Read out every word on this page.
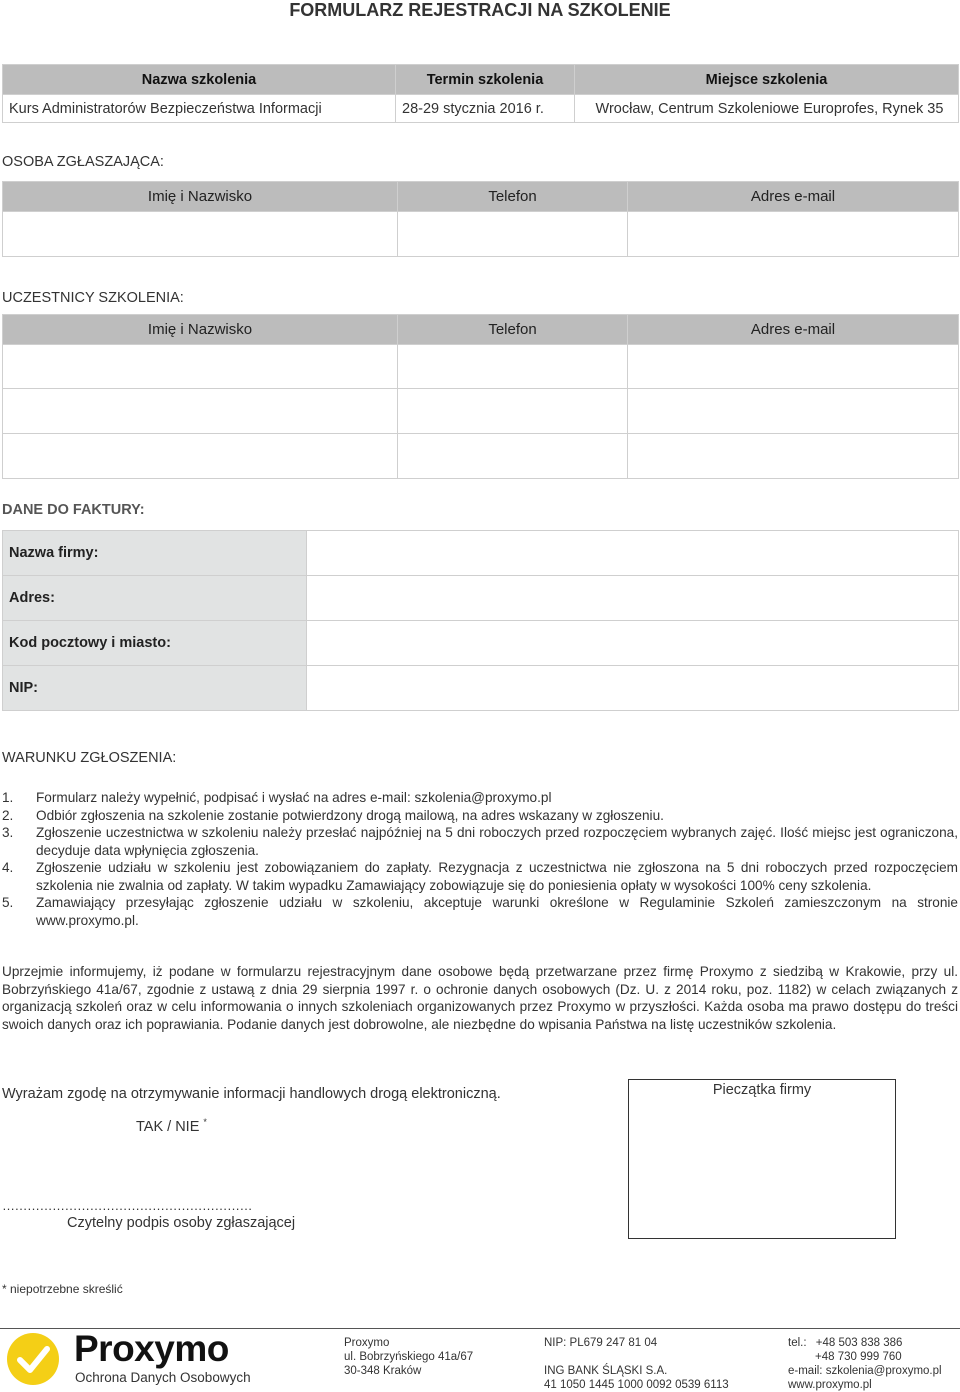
FORMULARZ REJESTRACJI NA SZKOLENIE
Nazwa szkolenia	Termin szkolenia	Miejsce szkolenia
Kurs Administratorów Bezpieczeństwa Informacji	28-29 stycznia 2016 r.	Wrocław, Centrum Szkoleniowe Europrofes, Rynek 35
OSOBA ZGŁASZAJĄCA:
Imię i Nazwisko	Telefon	Adres e-mail

UCZESTNICY SZKOLENIA:
Imię i Nazwisko	Telefon	Adres e-mail

DANE DO FAKTURY:
Nazwa firmy:	
Adres:	
Kod pocztowy i miasto:	
NIP:	
WARUNKU ZGŁOSZENIA:
1.	Formularz należy wypełnić, podpisać i wysłać na adres e-mail: szkolenia@proxymo.pl
2.	Odbiór zgłoszenia na szkolenie zostanie potwierdzony drogą mailową, na adres wskazany w zgłoszeniu.
3.	Zgłoszenie uczestnictwa w szkoleniu należy przesłać najpóźniej na 5 dni roboczych przed rozpoczęciem wybranych zajęć. Ilość miejsc jest ograniczona, decyduje data wpłynięcia zgłoszenia.
4.	Zgłoszenie udziału w szkoleniu jest zobowiązaniem do zapłaty. Rezygnacja z uczestnictwa nie zgłoszona na 5 dni roboczych przed rozpoczęciem szkolenia nie zwalnia od zapłaty. W takim wypadku Zamawiający zobowiązuje się do poniesienia opłaty w wysokości 100% ceny szkolenia.
5.	Zamawiający przesyłając zgłoszenie udziału w szkoleniu, akceptuje warunki określone w Regulaminie Szkoleń zamieszczonym na stronie www.proxymo.pl.
Uprzejmie informujemy, iż podane w formularzu rejestracyjnym dane osobowe będą przetwarzane przez firmę Proxymo z siedzibą w Krakowie, przy ul. Bobrzyńskiego 41a/67, zgodnie z ustawą z dnia 29 sierpnia 1997 r. o ochronie danych osobowych (Dz. U. z 2014 roku, poz. 1182) w celach związanych z organizacją szkoleń oraz w celu informowania o innych szkoleniach organizowanych przez Proxymo w przyszłości. Każda osoba ma prawo dostępu do treści swoich danych oraz ich poprawiania. Podanie danych jest dobrowolne, ale niezbędne do wpisania Państwa na listę uczestników szkolenia.
Wyrażam zgodę na otrzymywanie informacji handlowych drogą elektroniczną.
TAK / NIE *
Pieczątka firmy
……………………………………………………
Czytelny podpis osoby zgłaszającej
* niepotrzebne skreślić
Proxymo
Ochrona Danych Osobowych
Proxymo
ul. Bobrzyńskiego 41a/67
30-348 Kraków
NIP: PL679 247 81 04
ING BANK ŚLĄSKI S.A.
41 1050 1445 1000 0092 0539 6113
tel.: +48 503 838 386
+48 730 999 760
e-mail: szkolenia@proxymo.pl
www.proxymo.pl
